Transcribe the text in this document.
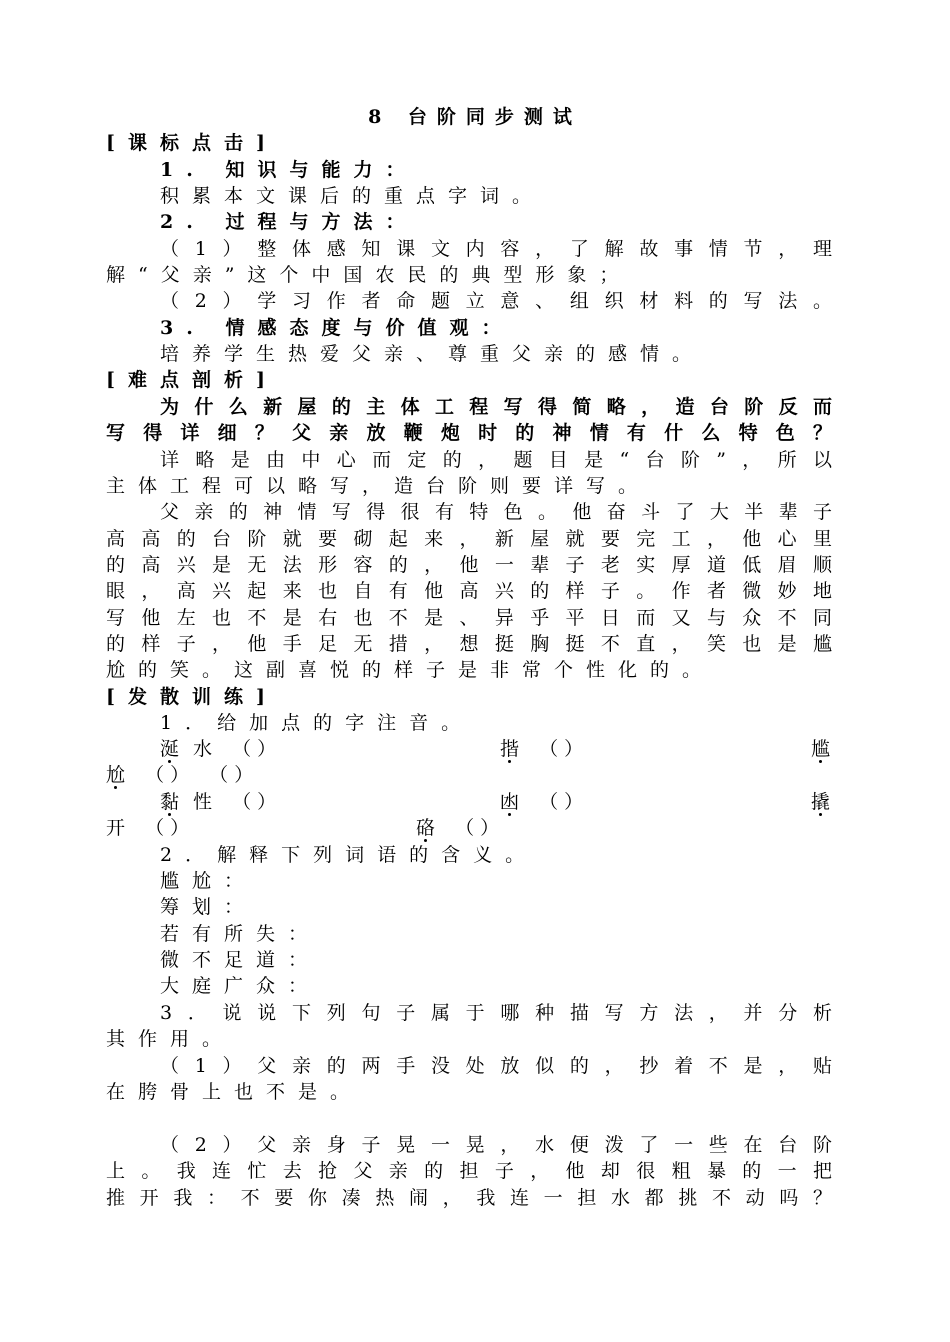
8 台阶同步测试
[课标点击]
1. 知识与能力：
积累本文课后的重点字词。
2. 过程与方法：
（1）整体感知课文内容，了解故事情节，理
解“父亲”这个中国农民的典型形象；
（2）学习作者命题立意、组织材料的写法。
3. 情感态度与价值观：
培养学生热爱父亲、尊重父亲的感情。
[难点剖析]
为什么新屋的主体工程写得简略，造台阶反而
写得详细？父亲放鞭炮时的神情有什么特色？
详略是由中心而定的，题目是“台阶”，所以
主体工程可以略写，造台阶则要详写。
父亲的神情写得很有特色。他奋斗了大半辈子
高高的台阶就要砌起来，新屋就要完工，他心里
的高兴是无法形容的，他一辈子老实厚道低眉顺
眼，高兴起来也自有他高兴的样子。作者微妙地
写他左也不是右也不是、异乎平日而又与众不同
的样子，他手足无措，想挺胸挺不直，笑也是尴
尬的笑。这副喜悦的样子是非常个性化的。
[发散训练]
1．给加点的字注音。
涎 水 （ ）	揩 （ ）	尴
尬 （ ） （ ）
黏 性 （ ）	凼 （ ）	撬
开 （ ）	硌 （ ）
2．解释下列词语的含义。
尴尬：
筹划：
若有所失：
微不足道：
大庭广众：
3．说说下列句子属于哪种描写方法，并分析
其作用。
（1）父亲的两手没处放似的，抄着不是，贴
在胯骨上也不是。
（2）父亲身子晃一晃，水便泼了一些在台阶
上。我连忙去抢父亲的担子，他却很粗暴的一把
推开我：不要你凑热闹，我连一担水都挑不动吗？
